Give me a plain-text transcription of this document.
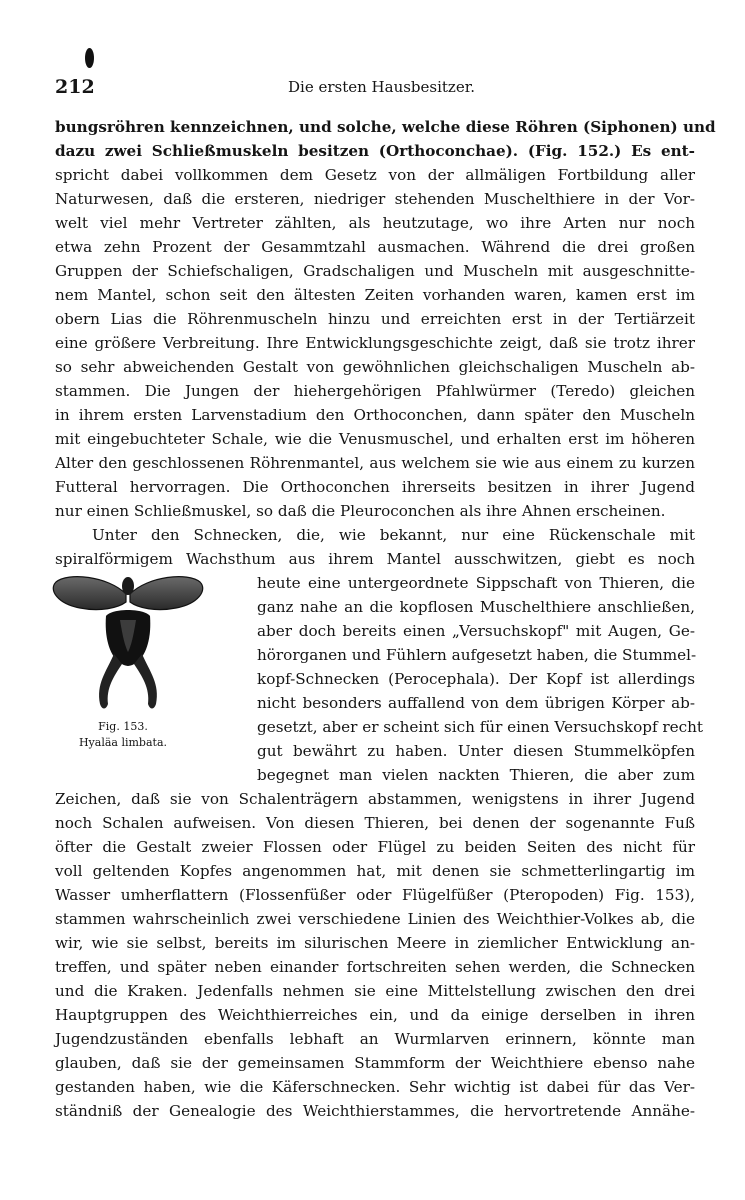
212	Die ersten Hausbesitzer.
bungsröhren kennzeichnen, und solche, welche diese Röhren (Siphonen) und
dazu zwei Schließmuskeln besitzen (Orthoconchae). (Fig. 152.) Es ent-
spricht dabei vollkommen dem Gesetz von der allmäligen Fortbildung aller
Naturwesen, daß die ersteren, niedriger stehenden Muschelthiere in der Vor-
welt viel mehr Vertreter zählten, als heutzutage, wo ihre Arten nur noch
etwa zehn Prozent der Gesammtzahl ausmachen. Während die drei großen
Gruppen der Schiefschaligen, Gradschaligen und Muscheln mit ausgeschnitte-
nem Mantel, schon seit den ältesten Zeiten vorhanden waren, kamen erst im
obern Lias die Röhrenmuscheln hinzu und erreichten erst in der Tertiärzeit
eine größere Verbreitung. Ihre Entwicklungsgeschichte zeigt, daß sie trotz ihrer
so sehr abweichenden Gestalt von gewöhnlichen gleichschaligen Muscheln ab-
stammen. Die Jungen der hiehergehörigen Pfahlwürmer (Teredo) gleichen
in ihrem ersten Larvenstadium den Orthoconchen, dann später den Muscheln
mit eingebuchteter Schale, wie die Venusmuschel, und erhalten erst im höheren
Alter den geschlossenen Röhrenmantel, aus welchem sie wie aus einem zu kurzen
Futteral hervorragen. Die Orthoconchen ihrerseits besitzen in ihrer Jugend
nur einen Schließmuskel, so daß die Pleuroconchen als ihre Ahnen erscheinen.
Unter den Schnecken, die, wie bekannt, nur eine Rückenschale mit
spiralförmigem Wachsthum aus ihrem Mantel ausschwitzen, giebt es noch
heute eine untergeordnete Sippschaft von Thieren, die
ganz nahe an die kopflosen Muschelthiere anschließen,
aber doch bereits einen „Versuchskopf" mit Augen, Ge-
hörorganen und Fühlern aufgesetzt haben, die Stummel-
kopf-Schnecken (Perocephala). Der Kopf ist allerdings
nicht besonders auffallend von dem übrigen Körper ab-
gesetzt, aber er scheint sich für einen Versuchskopf recht
gut bewährt zu haben. Unter diesen Stummelköpfen
begegnet man vielen nackten Thieren, die aber zum
Zeichen, daß sie von Schalenträgern abstammen, wenigstens in ihrer Jugend
noch Schalen aufweisen. Von diesen Thieren, bei denen der sogenannte Fuß
öfter die Gestalt zweier Flossen oder Flügel zu beiden Seiten des nicht für
voll geltenden Kopfes angenommen hat, mit denen sie schmetterlingartig im
Wasser umherflattern (Flossenfüßer oder Flügelfüßer (Pteropoden) Fig. 153),
stammen wahrscheinlich zwei verschiedene Linien des Weichthier-Volkes ab, die
wir, wie sie selbst, bereits im silurischen Meere in ziemlicher Entwicklung an-
treffen, und später neben einander fortschreiten sehen werden, die Schnecken
und die Kraken. Jedenfalls nehmen sie eine Mittelstellung zwischen den drei
Hauptgruppen des Weichthierreiches ein, und da einige derselben in ihren
Jugendzuständen ebenfalls lebhaft an Wurmlarven erinnern, könnte man
glauben, daß sie der gemeinsamen Stammform der Weichthiere ebenso nahe
gestanden haben, wie die Käferschnecken. Sehr wichtig ist dabei für das Ver-
ständniß der Genealogie des Weichthierstammes, die hervortretende Annähe-
Fig. 153.
Hyaläa limbata.
